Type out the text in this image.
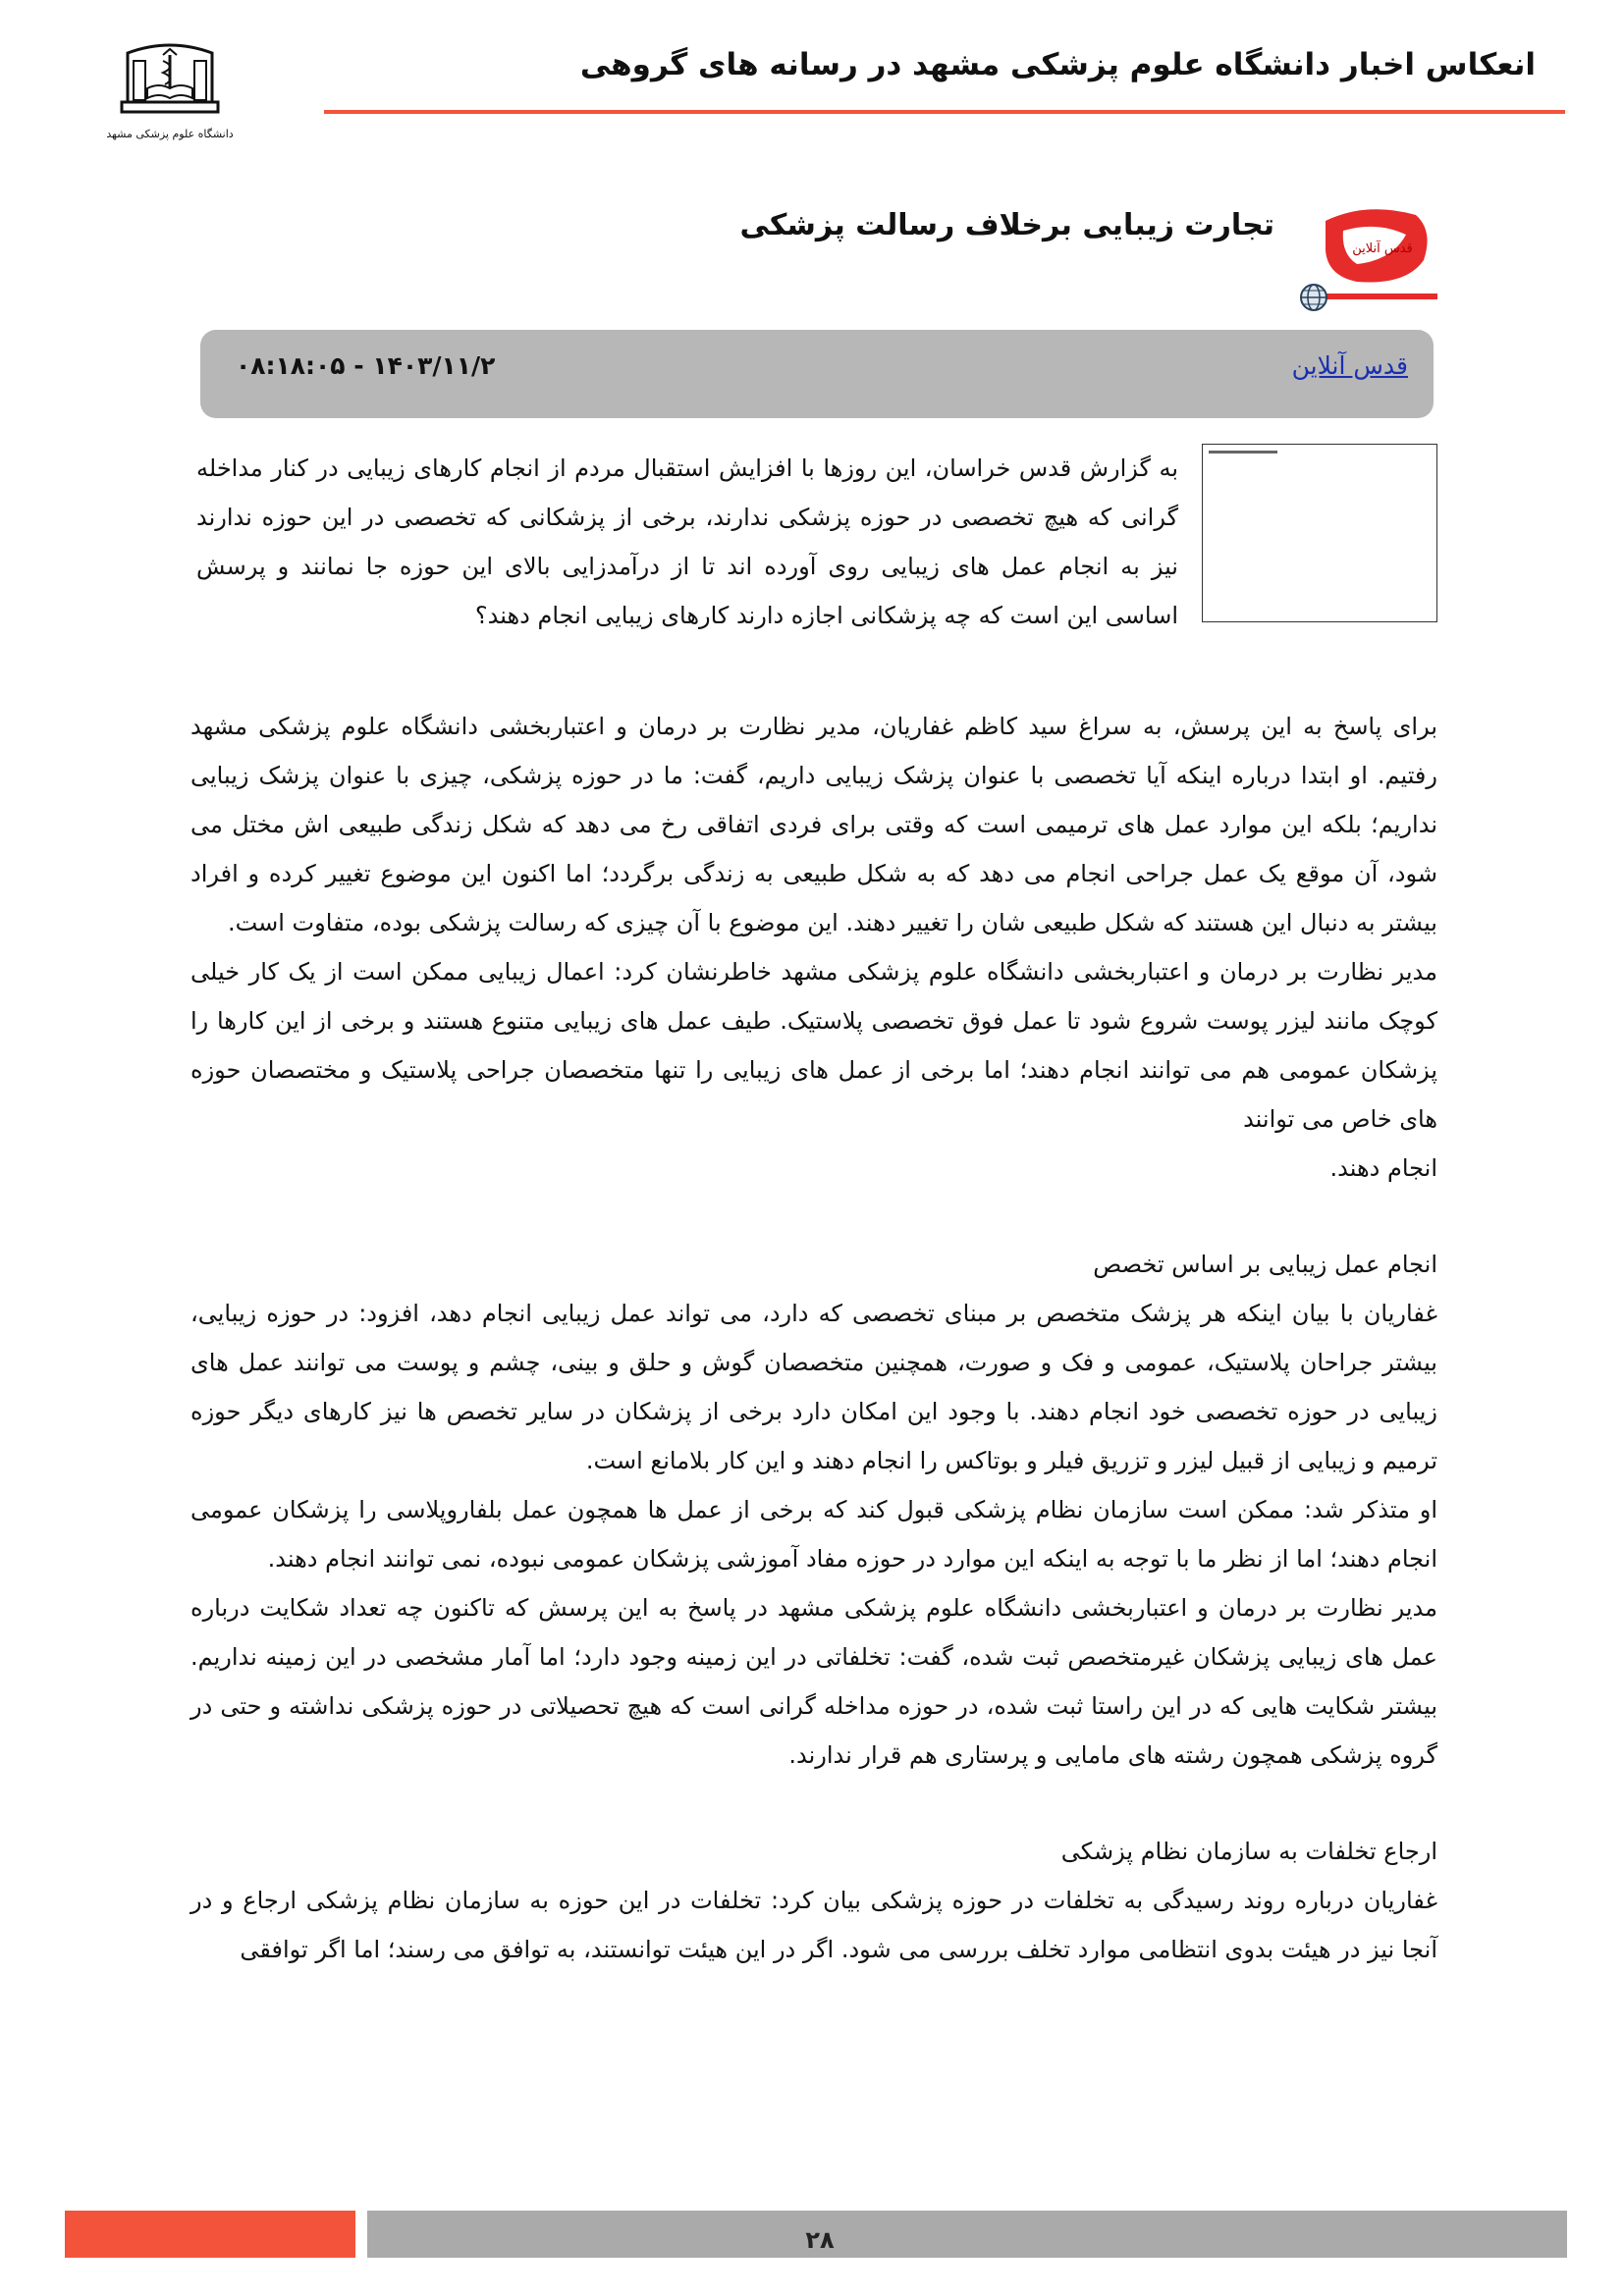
انعکاس اخبار دانشگاه علوم پزشکی مشهد در رسانه های گروهی
دانشگاه علوم پزشکی مشهد
قدس آنلاین
تجارت زیبایی برخلاف رسالت پزشکی
قدس آنلاین
۱۴۰۳/۱۱/۲ - ۰۸:۱۸:۰۵

به گزارش قدس خراسان، این روزها با افزایش استقبال مردم از انجام کارهای زیبایی در کنار مداخله گرانی که هیچ تخصصی در حوزه پزشکی ندارند، برخی از پزشکانی که تخصصی در این حوزه ندارند نیز به انجام عمل های زیبایی روی آورده اند تا از درآمدزایی بالای این حوزه جا نمانند و پرسش اساسی این است که چه پزشکانی اجازه دارند کارهای زیبایی انجام دهند؟

برای پاسخ به این پرسش، به سراغ سید کاظم غفاریان، مدیر نظارت بر درمان و اعتباربخشی دانشگاه علوم پزشکی مشهد رفتیم. او ابتدا درباره اینکه آیا تخصصی با عنوان پزشک زیبایی داریم، گفت: ما در حوزه پزشکی، چیزی با عنوان پزشک زیبایی نداریم؛ بلکه این موارد عمل های ترمیمی است که وقتی برای فردی اتفاقی رخ می دهد که شکل زندگی طبیعی اش مختل می شود، آن موقع یک عمل جراحی انجام می دهد که به شکل طبیعی به زندگی برگردد؛ اما اکنون این موضوع تغییر کرده و افراد بیشتر به دنبال این هستند که شکل طبیعی شان را تغییر دهند. این موضوع با آن چیزی که رسالت پزشکی بوده، متفاوت است.

مدیر نظارت بر درمان و اعتباربخشی دانشگاه علوم پزشکی مشهد خاطرنشان کرد: اعمال زیبایی ممکن است از یک کار خیلی کوچک مانند لیزر پوست شروع شود تا عمل فوق تخصصی پلاستیک. طیف عمل های زیبایی متنوع هستند و برخی از این کارها را پزشکان عمومی هم می توانند انجام دهند؛ اما برخی از عمل های زیبایی را تنها متخصصان جراحی پلاستیک و مختصصان حوزه های خاص می توانند

انجام دهند.

انجام عمل زیبایی بر اساس تخصص

غفاریان با بیان اینکه هر پزشک متخصص بر مبنای تخصصی که دارد، می تواند عمل زیبایی انجام دهد، افزود: در حوزه زیبایی، بیشتر جراحان پلاستیک، عمومی و فک و صورت، همچنین متخصصان گوش و حلق و بینی، چشم و پوست می توانند عمل های زیبایی در حوزه تخصصی خود انجام دهند. با وجود این امکان دارد برخی از پزشکان در سایر تخصص ها نیز کارهای دیگر حوزه ترمیم و زیبایی از قبیل لیزر و تزریق فیلر و بوتاکس را انجام دهند و این کار بلامانع است.

او متذکر شد: ممکن است سازمان نظام پزشکی قبول کند که برخی از عمل ها همچون عمل بلفاروپلاسی را پزشکان عمومی انجام دهند؛ اما از نظر ما با توجه به اینکه این موارد در حوزه مفاد آموزشی پزشکان عمومی نبوده، نمی توانند انجام دهند.

مدیر نظارت بر درمان و اعتباربخشی دانشگاه علوم پزشکی مشهد در پاسخ به این پرسش که تاکنون چه تعداد شکایت درباره عمل های زیبایی پزشکان غیرمتخصص ثبت شده، گفت: تخلفاتی در این زمینه وجود دارد؛ اما آمار مشخصی در این زمینه نداریم. بیشتر شکایت هایی که در این راستا ثبت شده، در حوزه مداخله گرانی است که هیچ تحصیلاتی در حوزه پزشکی نداشته و حتی در گروه پزشکی همچون رشته های مامایی و پرستاری هم قرار ندارند.

ارجاع تخلفات به سازمان نظام پزشکی

غفاریان درباره روند رسیدگی به تخلفات در حوزه پزشکی بیان کرد: تخلفات در این حوزه به سازمان نظام پزشکی ارجاع و در آنجا نیز در هیئت بدوی انتظامی موارد تخلف بررسی می شود. اگر در این هیئت توانستند، به توافق می رسند؛ اما اگر توافقی

۲۸
